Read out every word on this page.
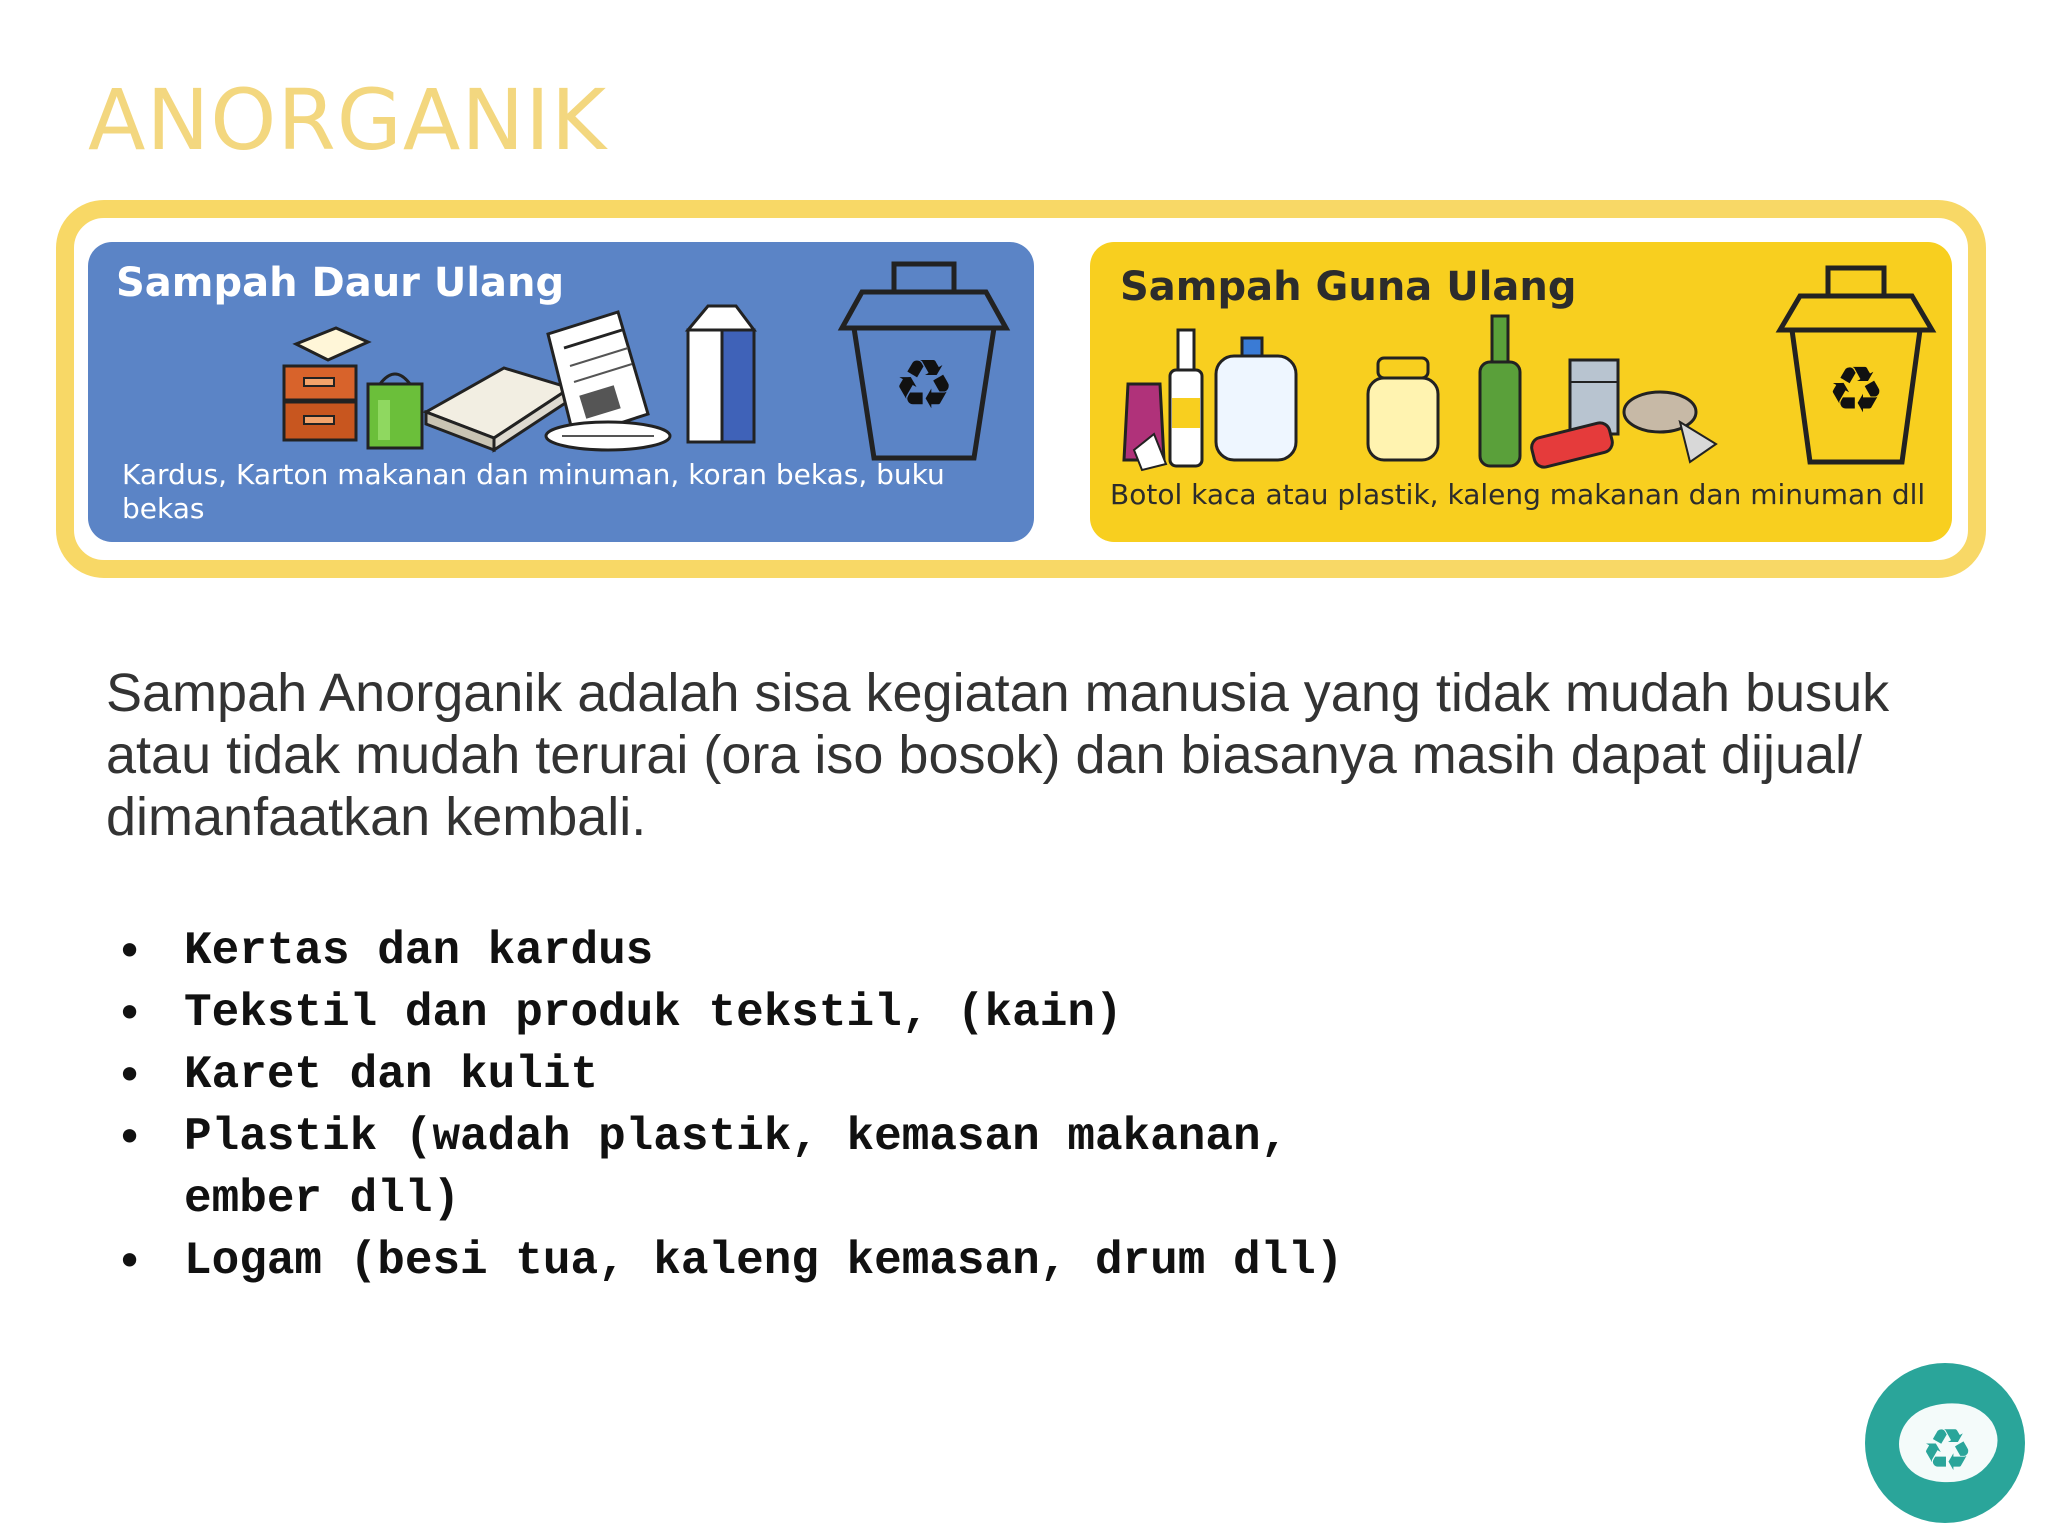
ANORGANIK
Sampah Daur Ulang
♻

Kardus, Karton makanan dan minuman, koran bekas, buku bekas

Sampah Guna Ulang
♻

Botol kaca atau plastik, kaleng makanan dan minuman dll

Sampah Anorganik adalah sisa kegiatan manusia yang tidak mudah busuk atau tidak mudah terurai (ora iso bosok) dan biasanya masih dapat dijual/ dimanfaatkan kembali.

• Kertas dan kardus
• Tekstil dan produk tekstil, (kain)
• Karet dan kulit
• Plastik (wadah plastik, kemasan makanan, ember dll)
• Logam (besi tua, kaleng kemasan, drum dll)
♻
